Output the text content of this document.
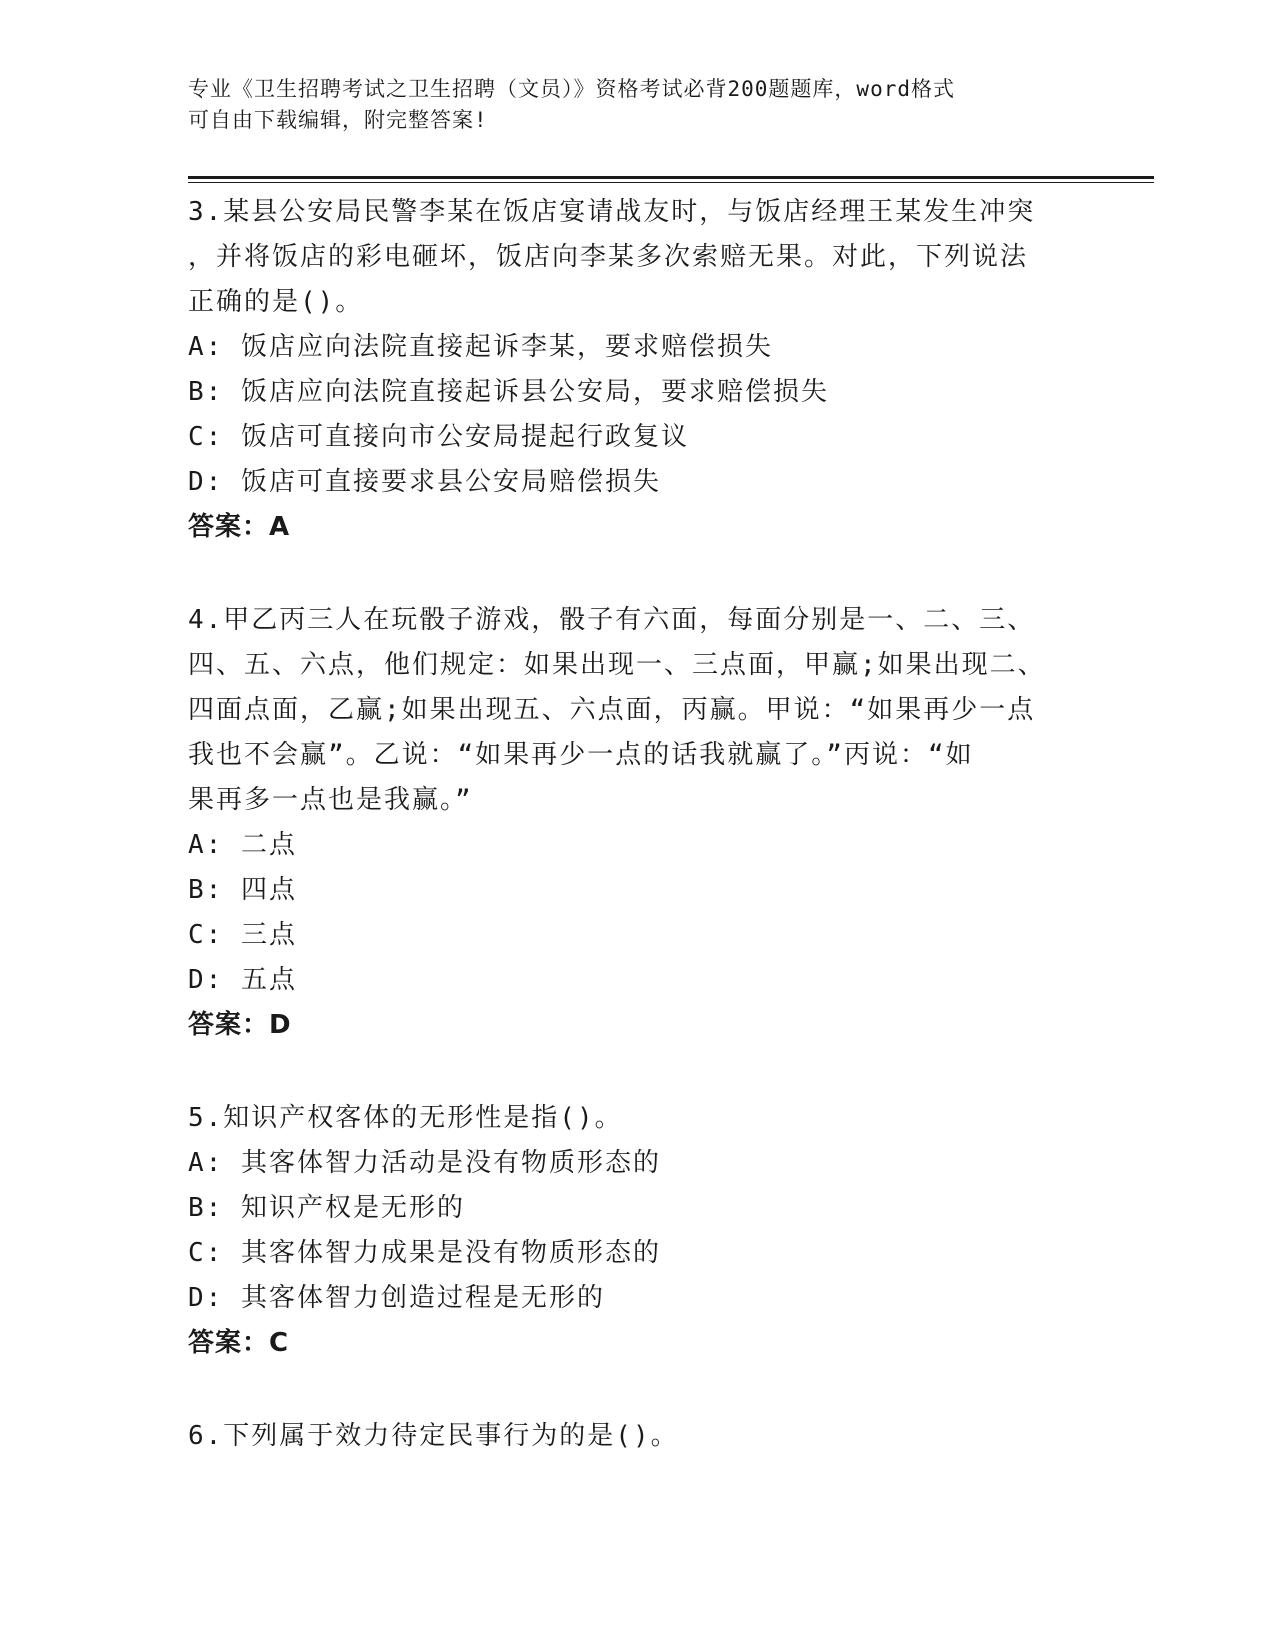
专业《卫生招聘考试之卫生招聘（文员）》资格考试必背200题题库，word格式
可自由下载编辑，附完整答案!
3.某县公安局民警李某在饭店宴请战友时，与饭店经理王某发生冲突
，并将饭店的彩电砸坏，饭店向李某多次索赔无果。对此，下列说法
正确的是()。
A: 饭店应向法院直接起诉李某，要求赔偿损失
B: 饭店应向法院直接起诉县公安局，要求赔偿损失
C: 饭店可直接向市公安局提起行政复议
D: 饭店可直接要求县公安局赔偿损失
答案：A
4.甲乙丙三人在玩骰子游戏，骰子有六面，每面分别是一、二、三、
四、五、六点，他们规定：如果出现一、三点面，甲赢;如果出现二、
四面点面，乙赢;如果出现五、六点面，丙赢。甲说：“如果再少一点
我也不会赢”。乙说：“如果再少一点的话我就赢了。”丙说：“如
果再多一点也是我赢。”
A: 二点
B: 四点
C: 三点
D: 五点
答案：D
5.知识产权客体的无形性是指()。
A: 其客体智力活动是没有物质形态的
B: 知识产权是无形的
C: 其客体智力成果是没有物质形态的
D: 其客体智力创造过程是无形的
答案：C
6.下列属于效力待定民事行为的是()。
